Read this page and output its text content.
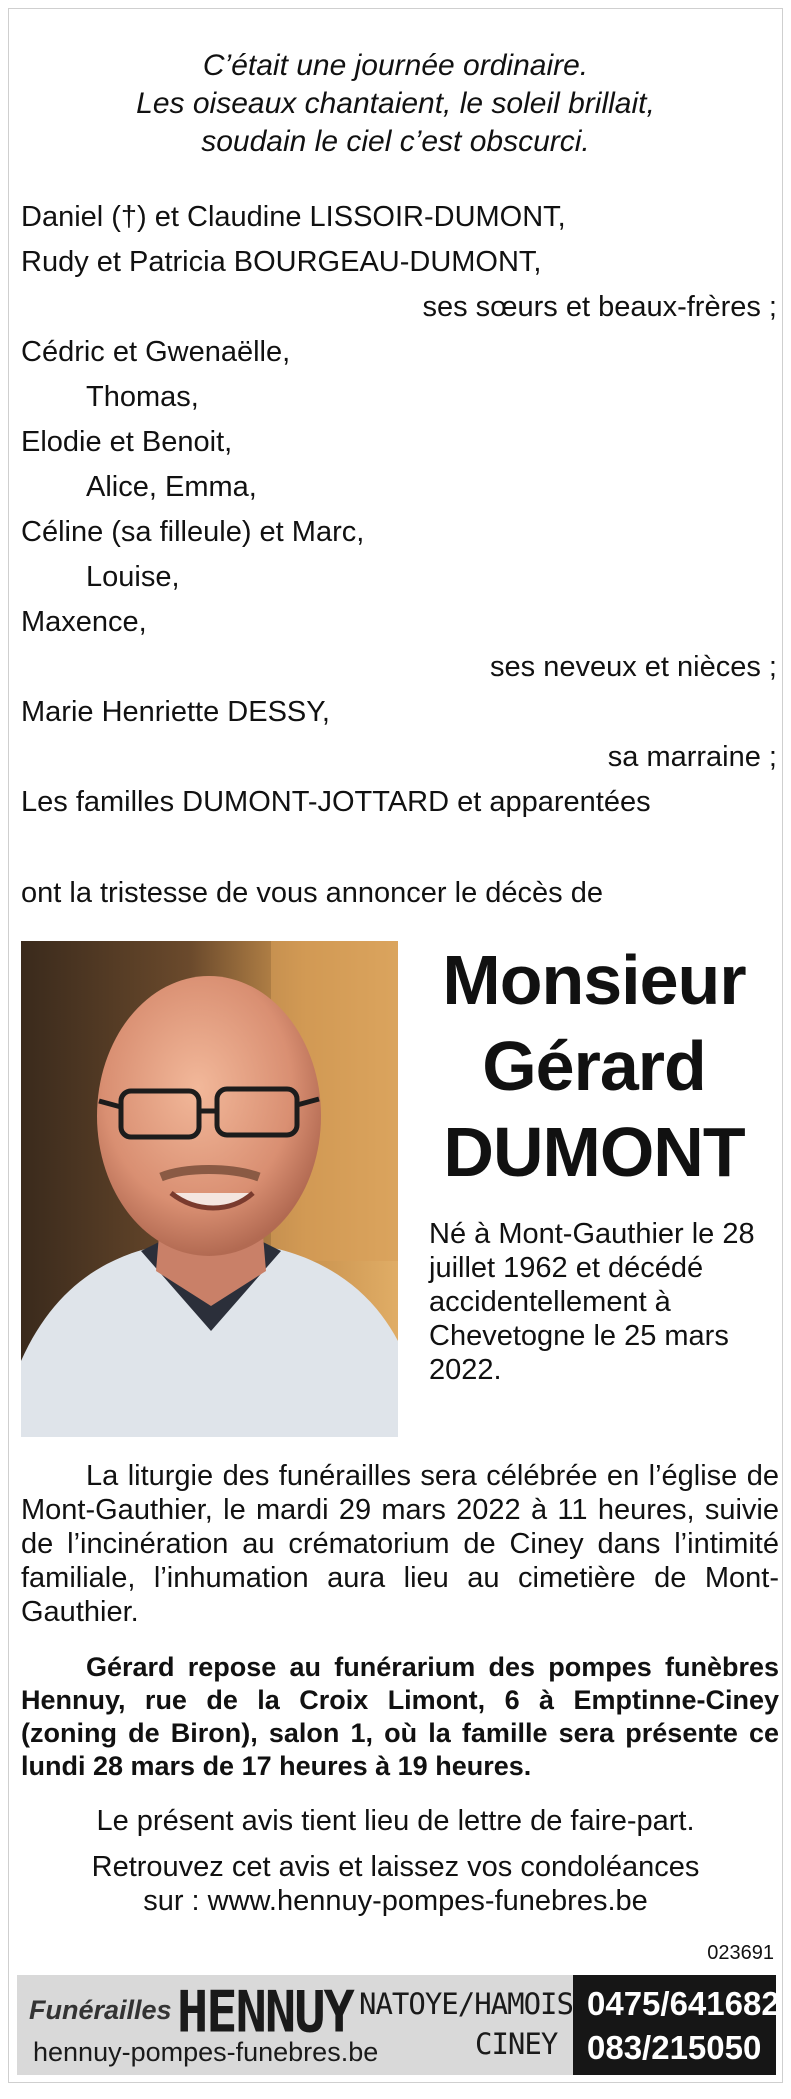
C’était une journée ordinaire.
Les oiseaux chantaient, le soleil brillait,
soudain le ciel c’est obscurci.
Daniel (†) et Claudine LISSOIR-DUMONT,
Rudy et Patricia BOURGEAU-DUMONT,
ses sœurs et beaux-frères ;
Cédric et Gwenaëlle,
Thomas,
Elodie et Benoit,
Alice, Emma,
Céline (sa filleule) et Marc,
Louise,
Maxence,
ses neveux et nièces ;
Marie Henriette DESSY,
sa marraine ;
Les familles DUMONT-JOTTARD et apparentées
ont la tristesse de vous annoncer le décès de
Monsieur
Gérard
DUMONT
Né à Mont-Gauthier le 28 juillet 1962 et décédé accidentellement à Chevetogne le 25 mars 2022.
La liturgie des funérailles sera célébrée en l’église de Mont-Gauthier, le mardi 29 mars 2022 à 11 heures, suivie de l’incinération au crématorium de Ciney dans l’intimité familiale, l’inhumation aura lieu au cimetière de Mont-Gauthier.
Gérard repose au funérarium des pompes funèbres Hennuy, rue de la Croix Limont, 6 à Emptinne-Ciney (zoning de Biron), salon 1, où la famille sera présente ce lundi 28 mars de 17 heures à 19 heures.
Le présent avis tient lieu de lettre de faire-part.
Retrouvez cet avis et laissez vos condoléances
sur : www.hennuy-pompes-funebres.be
023691
Funérailles HENNUY NATOYE/HAMOIS
CINEY
hennuy-pompes-funebres.be
0475/641682
083/215050
